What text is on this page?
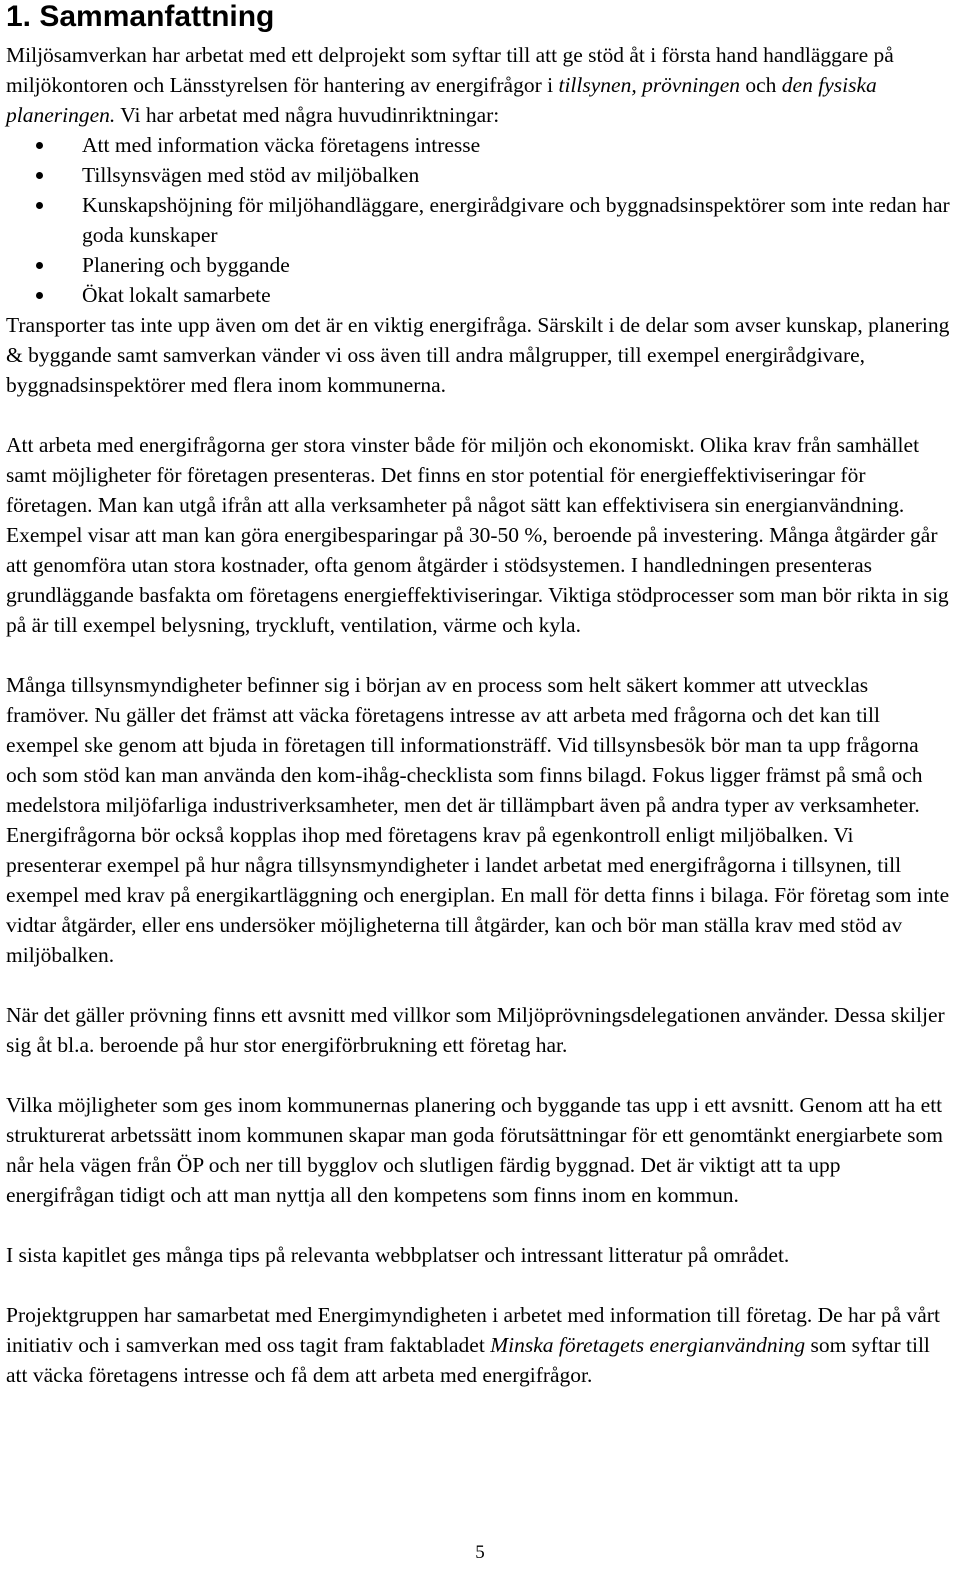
1. Sammanfattning

Miljösamverkan har arbetat med ett delprojekt som syftar till att ge stöd åt i första hand handläggare på miljökontoren och Länsstyrelsen för hantering av energifrågor i tillsynen, prövningen och den fysiska planeringen. Vi har arbetat med några huvudinriktningar:

Att med information väcka företagens intresse
Tillsynsvägen med stöd av miljöbalken
Kunskapshöjning för miljöhandläggare, energirådgivare och byggnadsinspektörer som inte redan har goda kunskaper
Planering och byggande
Ökat lokalt samarbete

Transporter tas inte upp även om det är en viktig energifråga. Särskilt i de delar som avser kunskap, planering & byggande samt samverkan vänder vi oss även till andra målgrupper, till exempel energirådgivare, byggnadsinspektörer med flera inom kommunerna.

Att arbeta med energifrågorna ger stora vinster både för miljön och ekonomiskt. Olika krav från samhället samt möjligheter för företagen presenteras. Det finns en stor potential för energieffektiviseringar för företagen. Man kan utgå ifrån att alla verksamheter på något sätt kan effektivisera sin energianvändning. Exempel visar att man kan göra energibesparingar på 30-50 %, beroende på investering. Många åtgärder går att genomföra utan stora kostnader, ofta genom åtgärder i stödsystemen. I handledningen presenteras grundläggande basfakta om företagens energieffektiviseringar. Viktiga stödprocesser som man bör rikta in sig på är till exempel belysning, tryckluft, ventilation, värme och kyla.

Många tillsynsmyndigheter befinner sig i början av en process som helt säkert kommer att utvecklas framöver. Nu gäller det främst att väcka företagens intresse av att arbeta med frågorna och det kan till exempel ske genom att bjuda in företagen till informationsträff. Vid tillsynsbesök bör man ta upp frågorna och som stöd kan man använda den kom-ihåg-checklista som finns bilagd. Fokus ligger främst på små och medelstora miljöfarliga industriverksamheter, men det är tillämpbart även på andra typer av verksamheter. Energifrågorna bör också kopplas ihop med företagens krav på egenkontroll enligt miljöbalken. Vi presenterar exempel på hur några tillsynsmyndigheter i landet arbetat med energifrågorna i tillsynen, till exempel med krav på energikartläggning och energiplan. En mall för detta finns i bilaga. För företag som inte vidtar åtgärder, eller ens undersöker möjligheterna till åtgärder, kan och bör man ställa krav med stöd av miljöbalken.

När det gäller prövning finns ett avsnitt med villkor som Miljöprövningsdelegationen använder. Dessa skiljer sig åt bl.a. beroende på hur stor energiförbrukning ett företag har.

Vilka möjligheter som ges inom kommunernas planering och byggande tas upp i ett avsnitt. Genom att ha ett strukturerat arbetssätt inom kommunen skapar man goda förutsättningar för ett genomtänkt energiarbete som når hela vägen från ÖP och ner till bygglov och slutligen färdig byggnad. Det är viktigt att ta upp energifrågan tidigt och att man nyttja all den kompetens som finns inom en kommun.

I sista kapitlet ges många tips på relevanta webbplatser och intressant litteratur på området.

Projektgruppen har samarbetat med Energimyndigheten i arbetet med information till företag. De har på vårt initiativ och i samverkan med oss tagit fram faktabladet Minska företagets energianvändning som syftar till att väcka företagens intresse och få dem att arbeta med energifrågor.

5
